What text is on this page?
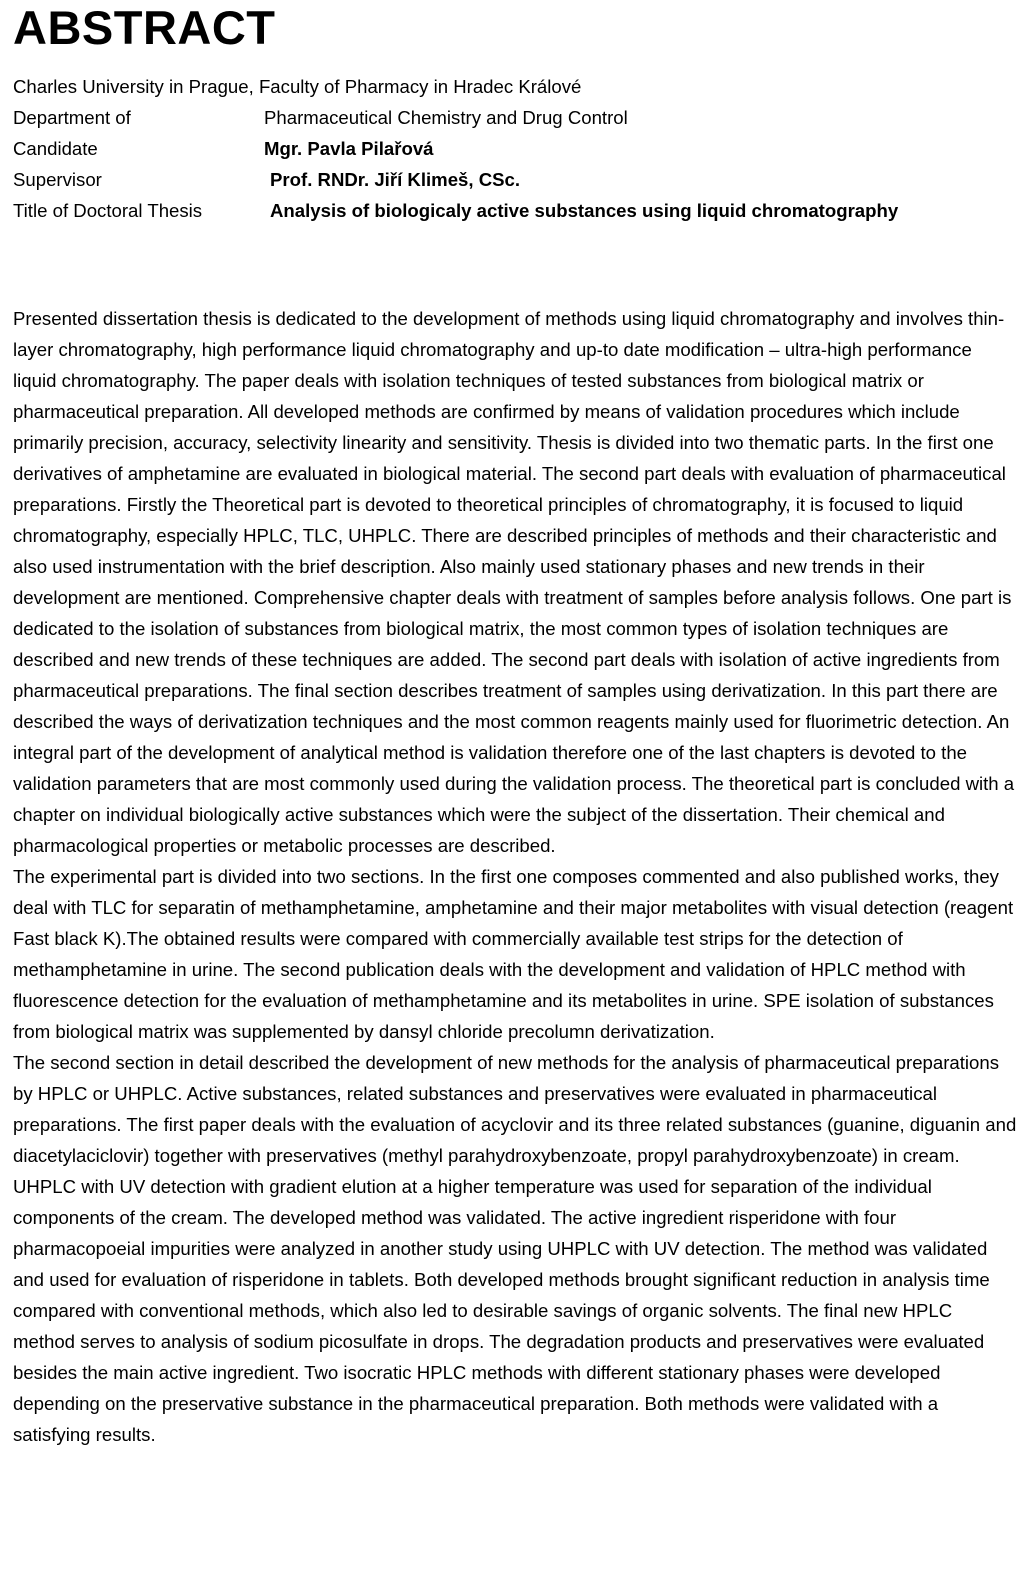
ABSTRACT
Charles University in Prague, Faculty of Pharmacy in Hradec Králové
Department of	Pharmaceutical Chemistry and Drug Control
Candidate	Mgr. Pavla Pilařová
Supervisor	Prof. RNDr. Jiří Klimeš, CSc.
Title of Doctoral Thesis	Analysis of biologicaly active substances using liquid chromatography

Presented dissertation thesis is dedicated to the development of methods using liquid chromatography and involves thin-layer chromatography, high performance liquid chromatography and up-to date modification – ultra-high performance liquid chromatography. The paper deals with isolation techniques of tested substances from biological matrix or pharmaceutical preparation. All developed methods are confirmed by means of validation procedures which include primarily precision, accuracy, selectivity linearity and sensitivity. Thesis is divided into two thematic parts. In the first one derivatives of amphetamine are evaluated in biological material. The second part deals with evaluation of pharmaceutical preparations. Firstly the Theoretical part is devoted to theoretical principles of chromatography, it is focused to liquid chromatography, especially HPLC, TLC, UHPLC. There are described principles of methods and their characteristic and also used instrumentation with the brief description. Also mainly used stationary phases and new trends in their development are mentioned. Comprehensive chapter deals with treatment of samples before analysis follows. One part is dedicated to the isolation of substances from biological matrix, the most common types of isolation techniques are described and new trends of these techniques are added. The second part deals with isolation of active ingredients from pharmaceutical preparations. The final section describes treatment of samples using derivatization. In this part there are described the ways of derivatization techniques and the most common reagents mainly used for fluorimetric detection. An integral part of the development of analytical method is validation therefore one of the last chapters is devoted to the validation parameters that are most commonly used during the validation process. The theoretical part is concluded with a chapter on individual biologically active substances which were the subject of the dissertation. Their chemical and pharmacological properties or metabolic processes are described.

The experimental part is divided into two sections. In the first one composes commented and also published works, they deal with TLC for separatin of methamphetamine, amphetamine and their major metabolites with visual detection (reagent Fast black K).The obtained results were compared with commercially available test strips for the detection of methamphetamine in urine. The second publication deals with the development and validation of HPLC method with fluorescence detection for the evaluation of methamphetamine and its metabolites in urine. SPE isolation of substances from biological matrix was supplemented by dansyl chloride precolumn derivatization.

The second section in detail described the development of new methods for the analysis of pharmaceutical preparations by HPLC or UHPLC. Active substances, related substances and preservatives were evaluated in pharmaceutical preparations. The first paper deals with the evaluation of acyclovir and its three related substances (guanine, diguanin and diacetylaciclovir) together with preservatives (methyl parahydroxybenzoate, propyl parahydroxybenzoate) in cream. UHPLC with UV detection with gradient elution at a higher temperature was used for separation of the individual components of the cream. The developed method was validated. The active ingredient risperidone with four pharmacopoeial impurities were analyzed in another study using UHPLC with UV detection. The method was validated and used for evaluation of risperidone in tablets. Both developed methods brought significant reduction in analysis time compared with conventional methods, which also led to desirable savings of organic solvents. The final new HPLC method serves to analysis of sodium picosulfate in drops. The degradation products and preservatives were evaluated besides the main active ingredient. Two isocratic HPLC methods with different stationary phases were developed depending on the preservative substance in the pharmaceutical preparation. Both methods were validated with a satisfying results.
